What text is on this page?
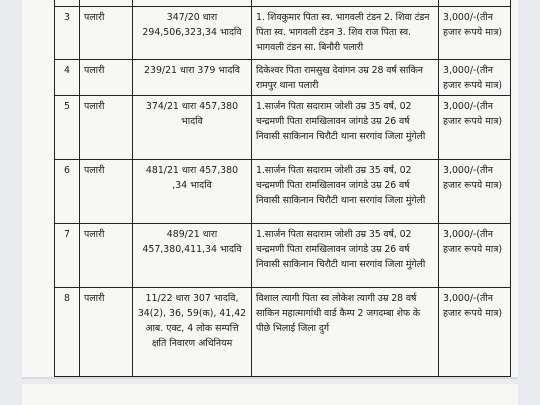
3	पलारी	347/20 धारा 294,506,323,34 भादवि	1. शिवकुमार पिता स्व. भागवली टंडन 2. शिवा टंडन पिता स्व. भागवली टंडन 3. शिव राज पिता स्व. भागवली टंडन सा. बिनौरी पलारी	3,000/-(तीन हजार रूपये मात्र)
4	पलारी	239/21 धारा 379 भादवि	दिकेश्वर पिता रामसुख देवांगन उम्र 28 वर्ष साकिन रामपुर थाना पलारी	3,000/-(तीन हजार रूपये मात्र)
5	पलारी	374/21 धारा 457,380 भादवि	1.सार्जन पिता सदाराम जोशी उम्र 35 वर्ष, 02 चन्द्रमणी पिता रामखिलावन जांगडे उम्र 26 वर्ष निवासी साकिनान चिरौटी थाना सरगांव जिला मुंगेली	3,000/-(तीन हजार रूपये मात्र)
6	पलारी	481/21 धारा 457,380 ,34 भादवि	1.सार्जन पिता सदाराम जोशी उम्र 35 वर्ष, 02 चन्द्रमणी पिता रामखिलावन जांगडे उम्र 26 वर्ष निवासी साकिनान चिरौटी थाना सरगांव जिला मुंगेली	3,000/-(तीन हजार रूपये मात्र)
7	पलारी	489/21 धारा 457,380,411,34 भादवि	1.सार्जन पिता सदाराम जोशी उम्र 35 वर्ष, 02 चन्द्रमणी पिता रामखिलावन जांगडे उम्र 26 वर्ष निवासी साकिनान चिरौटी थाना सरगांव जिला मुंगेली	3,000/-(तीन हजार रूपये मात्र)
8	पलारी	11/22 धारा 307 भादवि, 34(2), 36, 59(क), 41,42 आब. एक्ट, 4 लोक सम्पत्ति क्षति निवारण अधिनियम	विशाल त्यागी पिता स्व लोकेश त्यागी उम्र 28 वर्ष साकिन महात्मागांधी वार्ड कैम्प 2 जगदम्बा शेफ के पीछे भिलाई जिला दुर्ग	3,000/-(तीन हजार रूपये मात्र)
